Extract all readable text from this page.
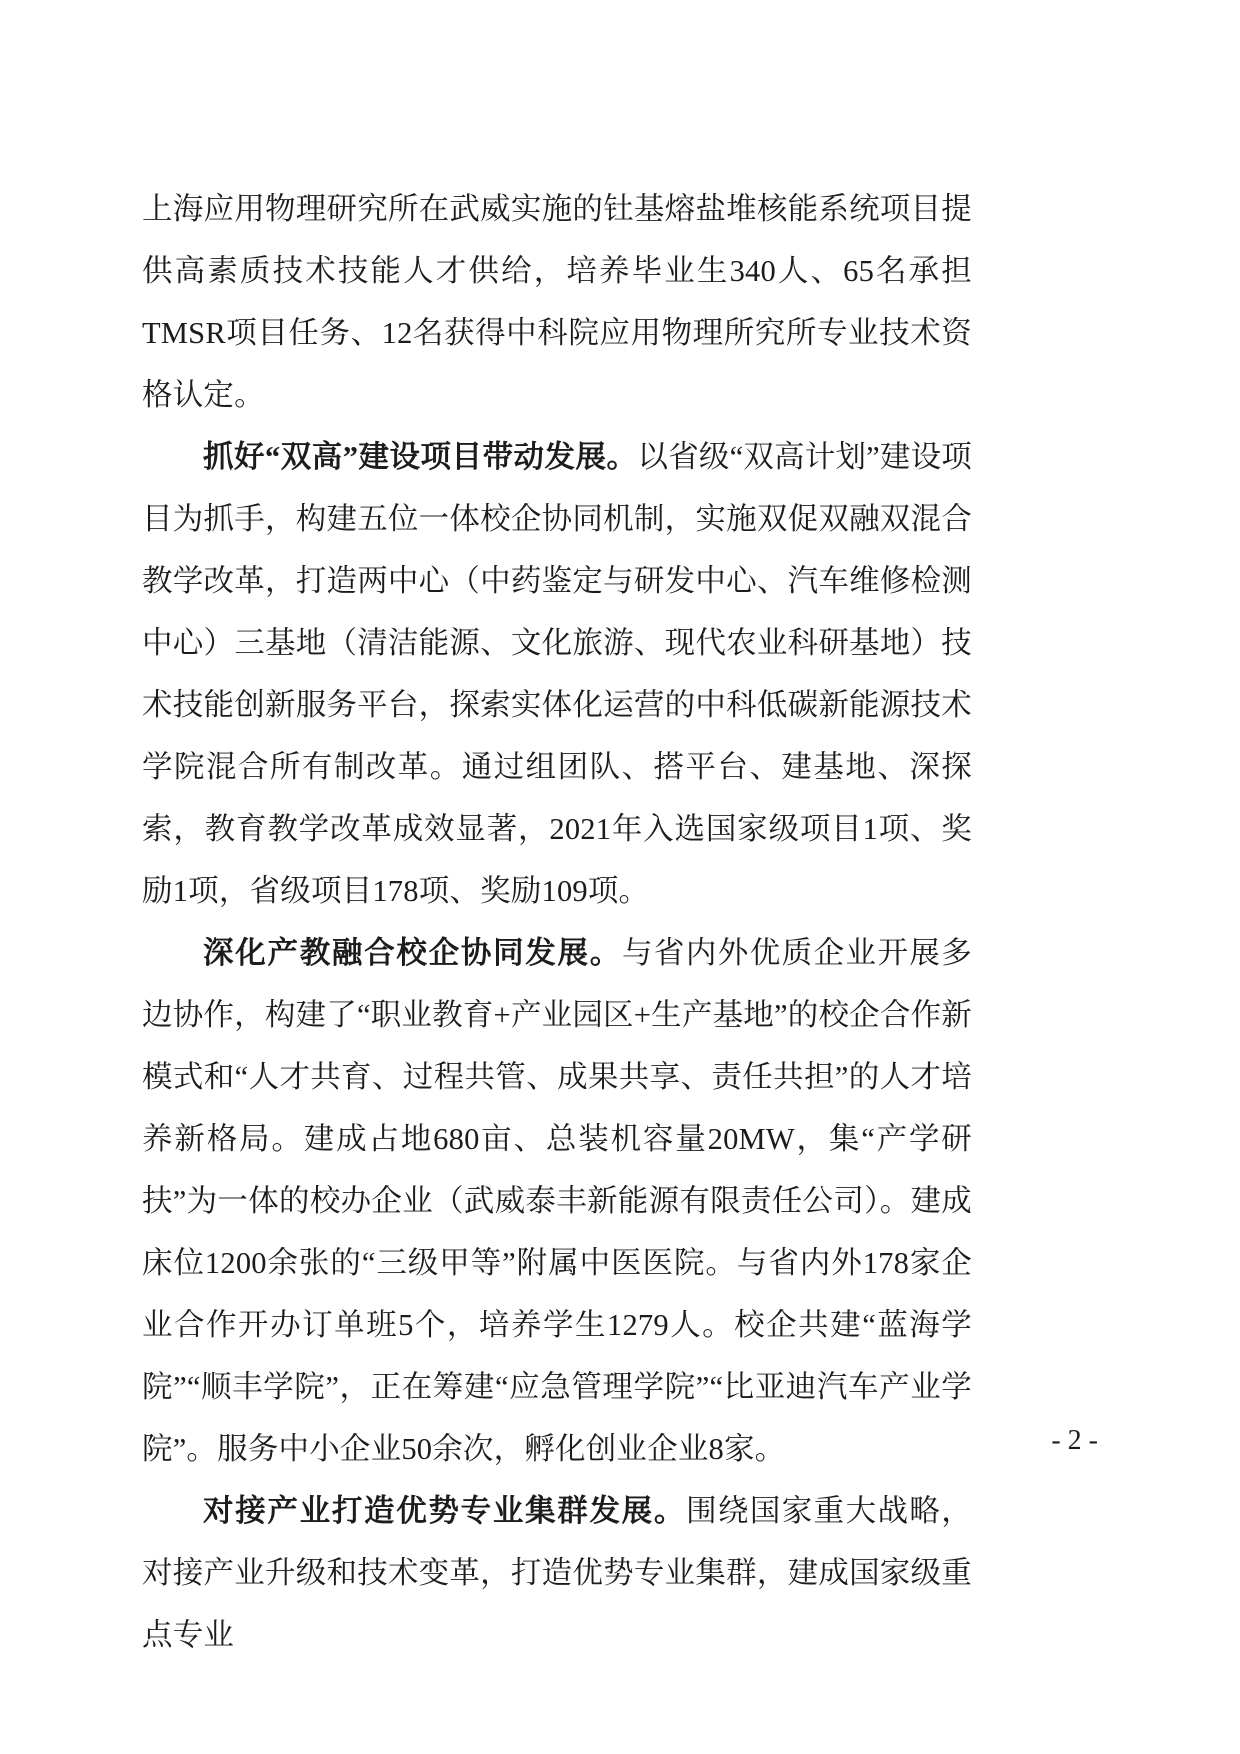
上海应用物理研究所在武威实施的钍基熔盐堆核能系统项目提供高素质技术技能人才供给，培养毕业生340人、65名承担TMSR项目任务、12名获得中科院应用物理所究所专业技术资格认定。

抓好“双高”建设项目带动发展。以省级“双高计划”建设项目为抓手，构建五位一体校企协同机制，实施双促双融双混合教学改革，打造两中心（中药鉴定与研发中心、汽车维修检测中心）三基地（清洁能源、文化旅游、现代农业科研基地）技术技能创新服务平台，探索实体化运营的中科低碳新能源技术学院混合所有制改革。通过组团队、搭平台、建基地、深探索，教育教学改革成效显著，2021年入选国家级项目1项、奖励1项，省级项目178项、奖励109项。

深化产教融合校企协同发展。与省内外优质企业开展多边协作，构建了“职业教育+产业园区+生产基地”的校企合作新模式和“人才共育、过程共管、成果共享、责任共担”的人才培养新格局。建成占地680亩、总装机容量20MW，集“产学研扶”为一体的校办企业（武威泰丰新能源有限责任公司）。建成床位1200余张的“三级甲等”附属中医医院。与省内外178家企业合作开办订单班5个，培养学生1279人。校企共建“蓝海学院”“顺丰学院”，正在筹建“应急管理学院”“比亚迪汽车产业学院”。服务中小企业50余次，孵化创业企业8家。

对接产业打造优势专业集群发展。围绕国家重大战略，对接产业升级和技术变革，打造优势专业集群，建成国家级重点专业

- 2 -
